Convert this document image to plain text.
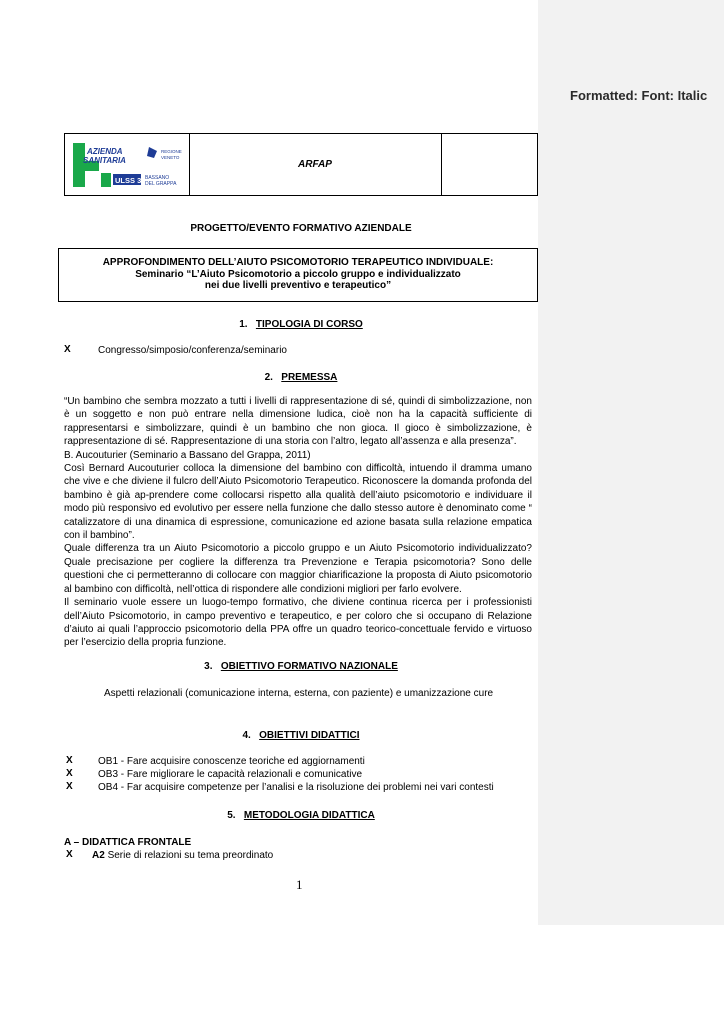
Formatted: Font: Italic
AZIENDA
SANITARIA
ULSS 3
REGIONE
VENETO
BASSANO
DEL GRAPPA
ARFAP
PROGETTO/EVENTO FORMATIVO AZIENDALE
APPROFONDIMENTO DELL’AIUTO PSICOMOTORIO TERAPEUTICO INDIVIDUALE:
Seminario “L’Aiuto Psicomotorio a piccolo gruppo e individualizzato
nei due livelli preventivo e terapeutico”
1. TIPOLOGIA DI CORSO
X	Congresso/simposio/conferenza/seminario
2. PREMESSA

“Un bambino che sembra mozzato a tutti i livelli di rappresentazione di sé, quindi di simbolizzazione, non è un soggetto e non può entrare nella dimensione ludica, cioè non ha la capacità sufficiente di rappresentarsi e simbolizzare, quindi è un bambino che non gioca. Il gioco è simbolizzazione, è rappresentazione di sé. Rappresentazione di una storia con l’altro, legato all’assenza e alla presenza”.

B. Aucouturier (Seminario a Bassano del Grappa, 2011)

Così Bernard Aucouturier colloca la dimensione del bambino con difficoltà, intuendo il dramma umano che vive e che diviene il fulcro dell’Aiuto Psicomotorio Terapeutico. Riconoscere la domanda profonda del bambino è già ap-prendere come collocarsi rispetto alla qualità dell’aiuto psicomotorio e individuare il modo più responsivo ed evolutivo per essere nella funzione che dallo stesso autore è denominato come “ catalizzatore di una dinamica di espressione, comunicazione ed azione basata sulla relazione empatica con il bambino”.

Quale differenza tra un Aiuto Psicomotorio a piccolo gruppo e un Aiuto Psicomotorio individualizzato? Quale precisazione per cogliere la differenza tra Prevenzione e Terapia psicomotoria? Sono delle questioni che ci permetteranno di collocare con maggior chiarificazione la proposta di Aiuto psicomotorio al bambino con difficoltà, nell’ottica di rispondere alle condizioni migliori per farlo evolvere.

Il seminario vuole essere un luogo-tempo formativo, che diviene continua ricerca per i professionisti dell’Aiuto Psicomotorio, in campo preventivo e terapeutico, e per coloro che si occupano di Relazione d’aiuto ai quali l’approccio psicomotorio della PPA offre un quadro teorico-concettuale fervido e virtuoso per l’esercizio della propria funzione.

3. OBIETTIVO FORMATIVO NAZIONALE
Aspetti relazionali (comunicazione interna, esterna, con paziente) e umanizzazione cure
4. OBIETTIVI DIDATTICI
X	OB1 - Fare acquisire conoscenze teoriche ed aggiornamenti
X	OB3 - Fare migliorare le capacità relazionali e comunicative
X	OB4 - Far acquisire competenze per l’analisi e la risoluzione dei problemi nei vari contesti
5. METODOLOGIA DIDATTICA
A – DIDATTICA FRONTALE
X A2 Serie di relazioni su tema preordinato
1
